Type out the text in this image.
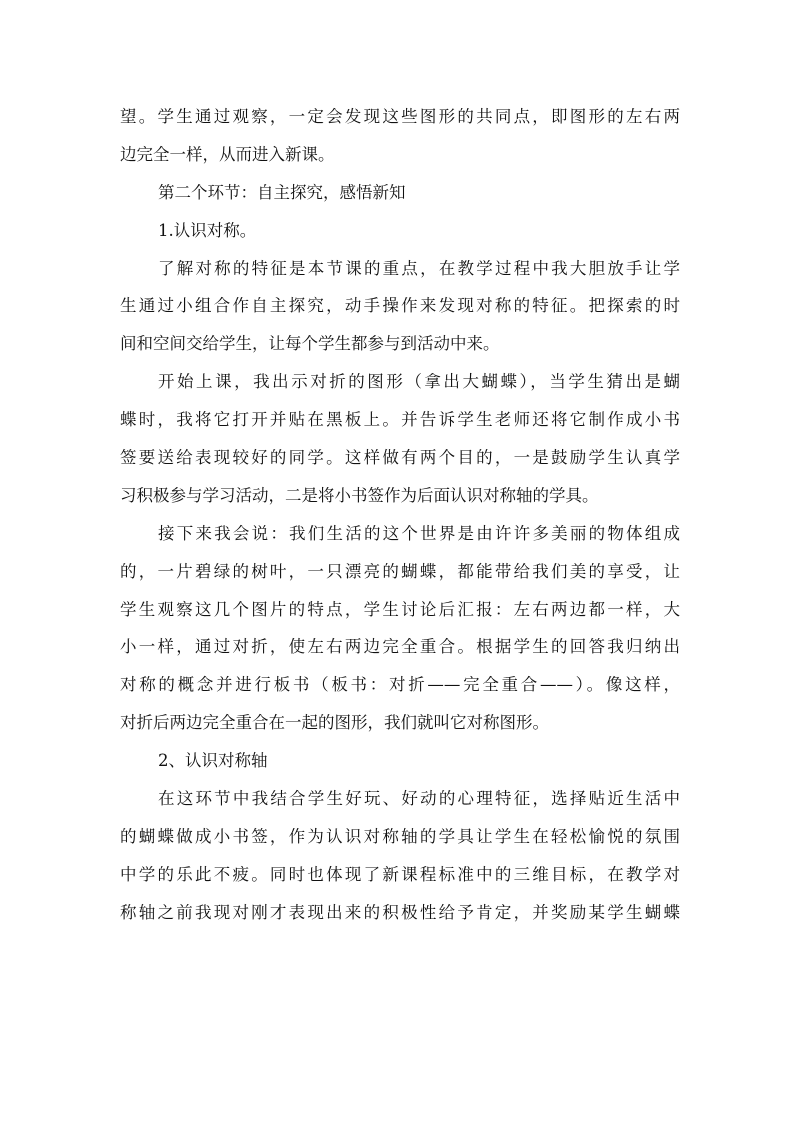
望。学生通过观察，一定会发现这些图形的共同点，即图形的左右两
边完全一样，从而进入新课。
第二个环节：自主探究，感悟新知
1.认识对称。
了解对称的特征是本节课的重点，在教学过程中我大胆放手让学
生通过小组合作自主探究，动手操作来发现对称的特征。把探索的时
间和空间交给学生，让每个学生都参与到活动中来。
开始上课，我出示对折的图形（拿出大蝴蝶），当学生猜出是蝴
蝶时，我将它打开并贴在黑板上。并告诉学生老师还将它制作成小书
签要送给表现较好的同学。这样做有两个目的，一是鼓励学生认真学
习积极参与学习活动，二是将小书签作为后面认识对称轴的学具。
接下来我会说：我们生活的这个世界是由许许多美丽的物体组成
的，一片碧绿的树叶，一只漂亮的蝴蝶，都能带给我们美的享受，让
学生观察这几个图片的特点，学生讨论后汇报：左右两边都一样，大
小一样，通过对折，使左右两边完全重合。根据学生的回答我归纳出
对称的概念并进行板书（板书：对折——完全重合——）。像这样，
对折后两边完全重合在一起的图形，我们就叫它对称图形。
2、认识对称轴
在这环节中我结合学生好玩、好动的心理特征，选择贴近生活中
的蝴蝶做成小书签，作为认识对称轴的学具让学生在轻松愉悦的氛围
中学的乐此不疲。同时也体现了新课程标准中的三维目标，在教学对
称轴之前我现对刚才表现出来的积极性给予肯定，并奖励某学生蝴蝶
